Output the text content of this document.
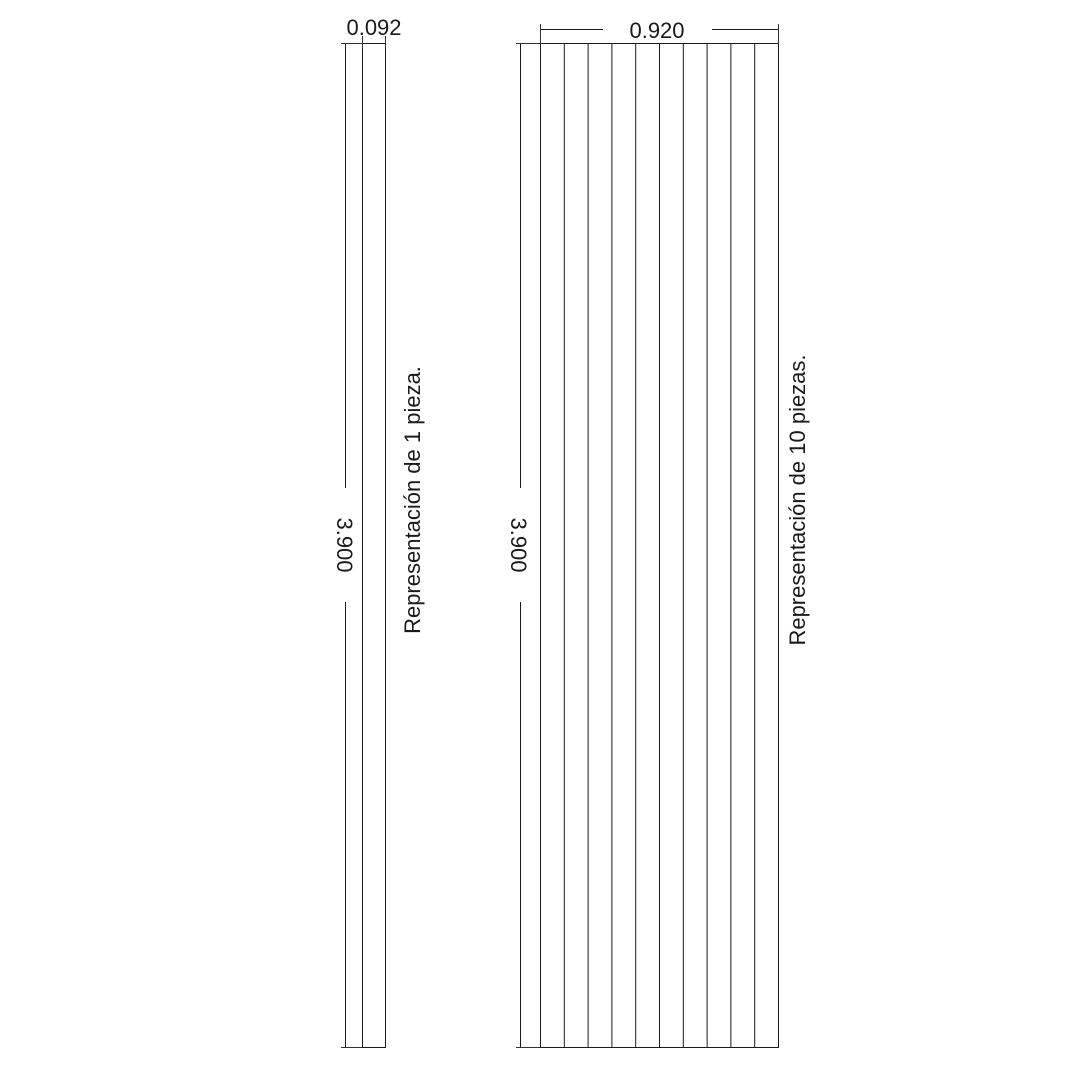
0.092
3.900 Representación de 1 pieza.
0.920
3.900	Representación de 10 piezas.
